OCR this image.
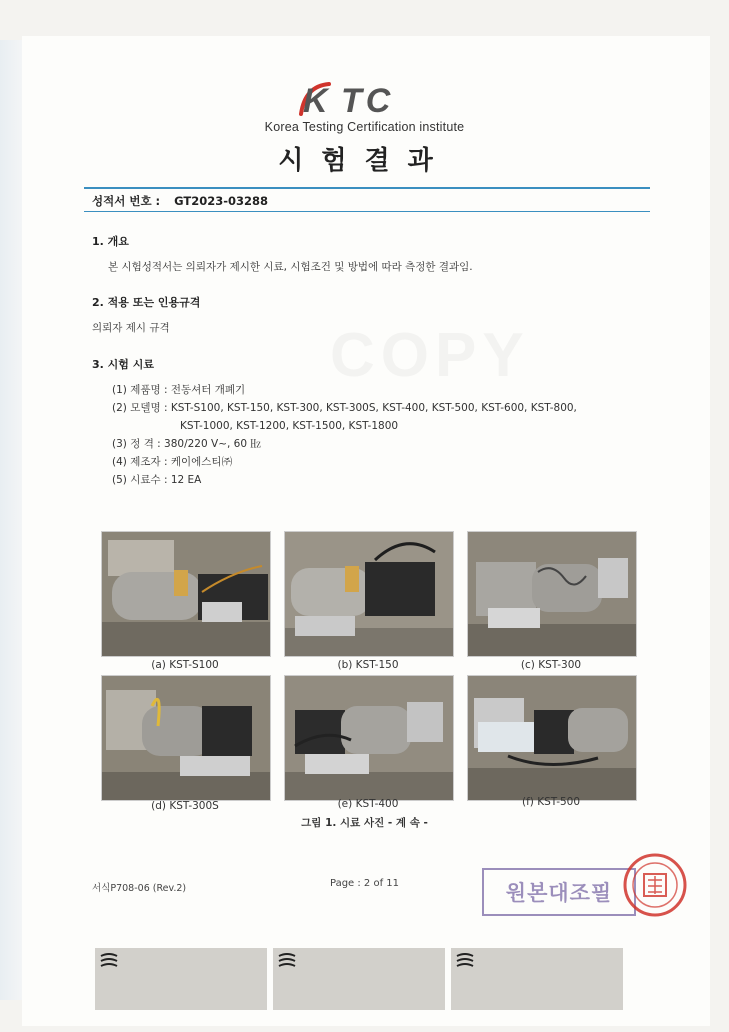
K TC
Korea Testing Certification institute
시험결과
성적서 번호 : GT2023-03288
COPY
1. 개요
본 시험성적서는 의뢰자가 제시한 시료, 시험조건 및 방법에 따라 측정한 결과임.
2. 적용 또는 인용규격
의뢰자 제시 규격
3. 시험 시료
(1) 제품명 : 전동셔터 개폐기
(2) 모델명 : KST-S100, KST-150, KST-300, KST-300S, KST-400, KST-500, KST-600, KST-800,
KST-1000, KST-1200, KST-1500, KST-1800
(3) 정 격 : 380/220 V~, 60 ㎐
(4) 제조자 : 케이에스티㈜
(5) 시료수 : 12 EA
(a) KST-S100	(b) KST-150	(c) KST-300
(d) KST-300S	(e) KST-400	(f) KST-500
그림 1. 시료 사진 - 계 속 -
서식P708-06 (Rev.2)	Page : 2 of 11	원본대조필
